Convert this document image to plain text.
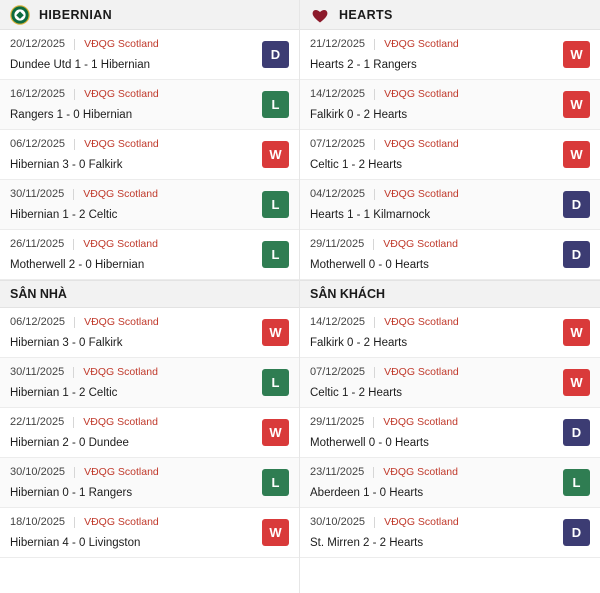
HIBERNIAN
20/12/2025 VĐQG Scotland
Dundee Utd 1 - 1 Hibernian
D
16/12/2025 VĐQG Scotland
Rangers 1 - 0 Hibernian
L
06/12/2025 VĐQG Scotland
Hibernian 3 - 0 Falkirk
W
30/11/2025 VĐQG Scotland
Hibernian 1 - 2 Celtic
L
26/11/2025 VĐQG Scotland
Motherwell 2 - 0 Hibernian
L
SÂN NHÀ
06/12/2025 VĐQG Scotland
Hibernian 3 - 0 Falkirk
W
30/11/2025 VĐQG Scotland
Hibernian 1 - 2 Celtic
L
22/11/2025 VĐQG Scotland
Hibernian 2 - 0 Dundee
W
30/10/2025 VĐQG Scotland
Hibernian 0 - 1 Rangers
L
18/10/2025 VĐQG Scotland
Hibernian 4 - 0 Livingston
W
HEARTS
21/12/2025 VĐQG Scotland
Hearts 2 - 1 Rangers
W
14/12/2025 VĐQG Scotland
Falkirk 0 - 2 Hearts
W
07/12/2025 VĐQG Scotland
Celtic 1 - 2 Hearts
W
04/12/2025 VĐQG Scotland
Hearts 1 - 1 Kilmarnock
D
29/11/2025 VĐQG Scotland
Motherwell 0 - 0 Hearts
D
SÂN KHÁCH
14/12/2025 VĐQG Scotland
Falkirk 0 - 2 Hearts
W
07/12/2025 VĐQG Scotland
Celtic 1 - 2 Hearts
W
29/11/2025 VĐQG Scotland
Motherwell 0 - 0 Hearts
D
23/11/2025 VĐQG Scotland
Aberdeen 1 - 0 Hearts
L
30/10/2025 VĐQG Scotland
St. Mirren 2 - 2 Hearts
D
